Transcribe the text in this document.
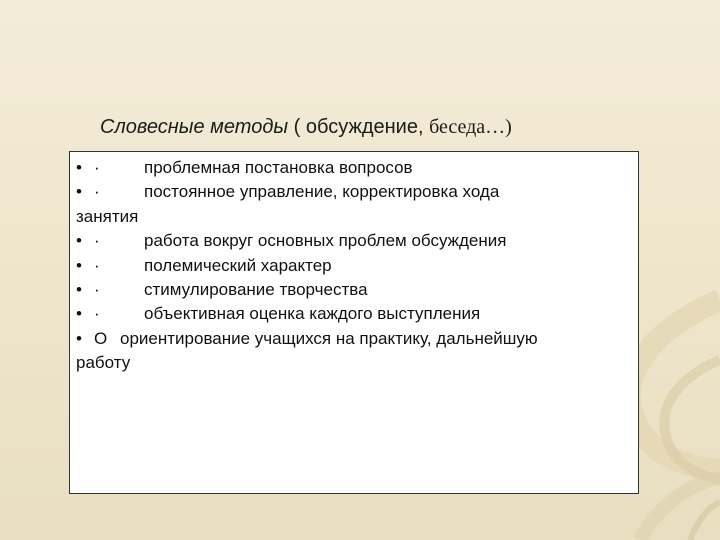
Словесные методы ( обсуждение, беседа…)
• ·	проблемная постановка вопросов
• ·	постоянное управление, корректировка хода
занятия
• ·	работа вокруг основных проблем обсуждения
• ·	полемический характер
• ·	стимулирование творчества
• ·	объективная оценка каждого выступления
• O ориентирование учащихся на практику, дальнейшую
работу
